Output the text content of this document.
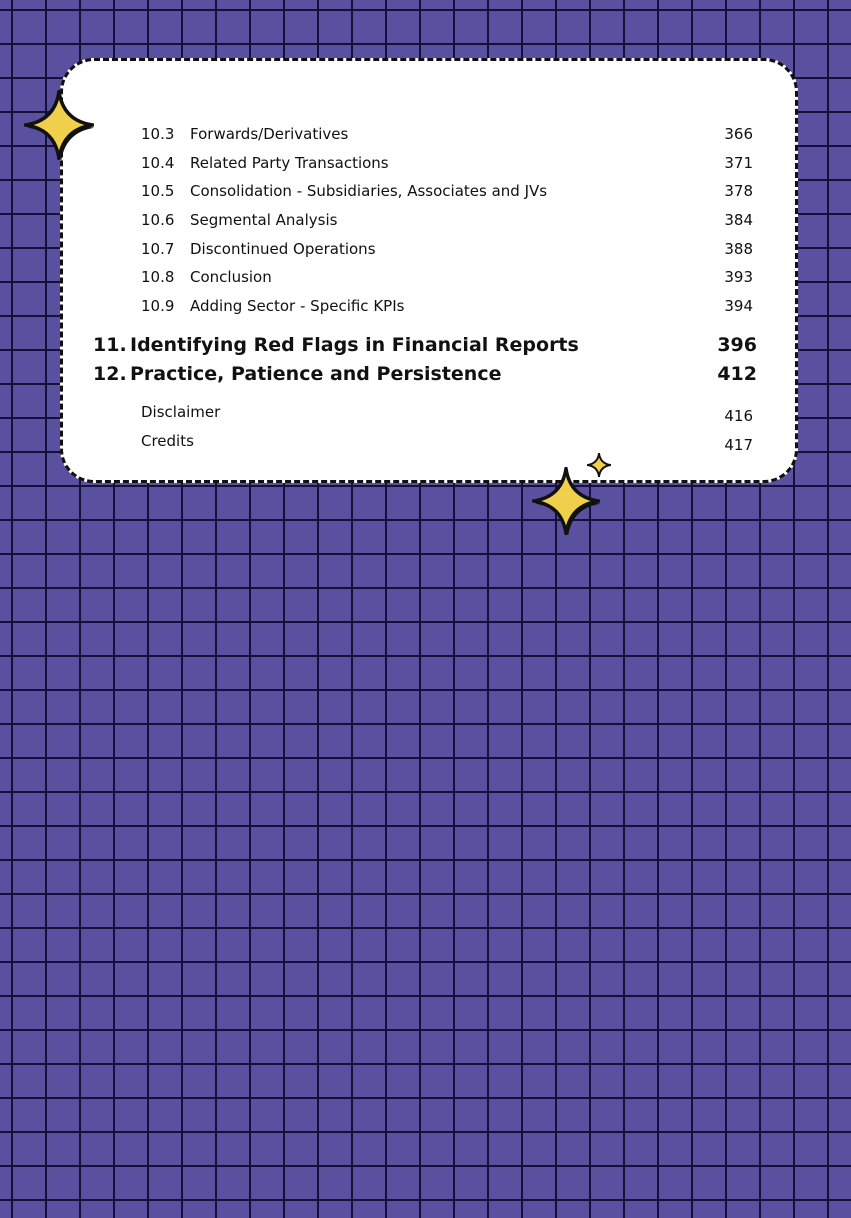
10.3 Forwards/Derivatives	366
10.4 Related Party Transactions	371
10.5 Consolidation - Subsidiaries, Associates and JVs	378
10.6 Segmental Analysis	384
10.7 Discontinued Operations	388
10.8 Conclusion	393
10.9 Adding Sector - Specific KPIs	394
11. Identifying Red Flags in Financial Reports	396
12. Practice, Patience and Persistence	412
Disclaimer	416
Credits	417
